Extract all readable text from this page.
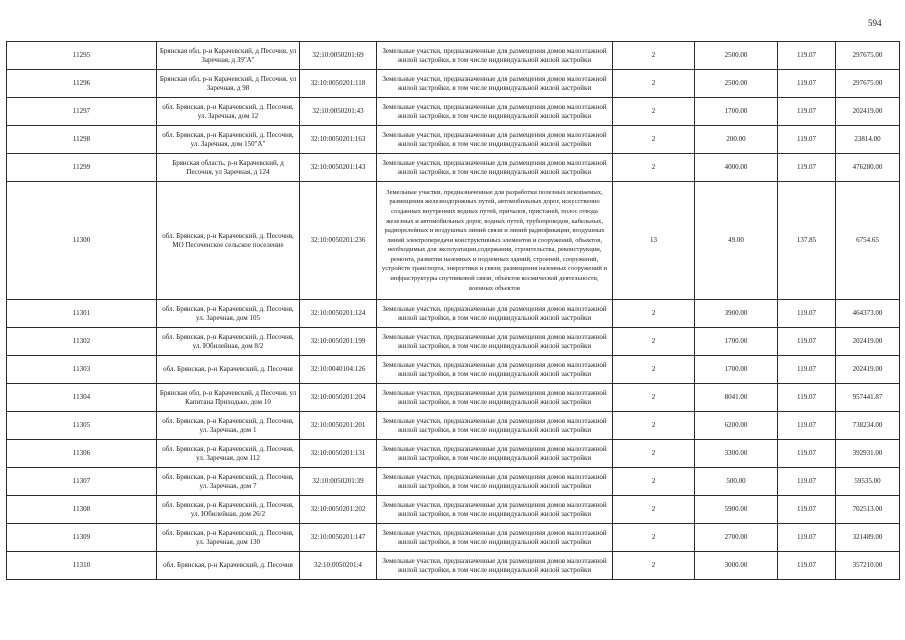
594
11295	Брянская обл, р-н Карачевский, д Песочня, ул Заречная, д 39"А"	32:10:0050201:69	Земельные участки, предназначенные для размещения домов малоэтажной жилой застройки, в том числе индивидуальной жилой застройки	2	2500.00	119.07	297675.00
11296	Брянская обл, р-н Карачевский, д Песочня, ул Заречная, д 98	32:10:0050201:118	Земельные участки, предназначенные для размещения домов малоэтажной жилой застройки, в том числе индивидуальной жилой застройки	2	2500.00	119.07	297675.00
11297	обл. Брянская, р-н Карачевский, д. Песочня, ул. Заречная, дом 12	32:10:0050201:43	Земельные участки, предназначенные для размещения домов малоэтажной жилой застройки, в том числе индивидуальной жилой застройки	2	1700.00	119.07	202419.00
11298	обл. Брянская, р-н Карачевский, д. Песочня, ул. Заречная, дом 150"А"	32:10:0050201:163	Земельные участки, предназначенные для размещения домов малоэтажной жилой застройки, в том числе индивидуальной жилой застройки	2	200.00	119.07	23814.00
11299	Брянская область, р-н Карачевский, д Песочня, ул Заречная, д 124	32:10:0050201:143	Земельные участки, предназначенные для размещения домов малоэтажной жилой застройки, в том числе индивидуальной жилой застройки	2	4000.00	119.07	476280.00
11300	обл. Брянская, р-н Карачевский, д. Песочня, МО Песоченское сельское поселение	32:10:0050201:236	Земельные участки, предназначенные для разработки полезных ископаемых, размещения железнодорожных путей, автомобильных дорог, искусственно созданных внутренних водных путей, причалов, пристаней, полос отвода железных и автомобильных дорог, водных путей, трубопроводов, кабельных, радиорелейных и воздушных линий связи и линий радиофикации, воздушных линий электропередачи конструктивных элементов и сооружений, объектов, необходимых для эксплуатации,содержания, строительства, реконструкции, ремонта, развития наземных и подземных зданий, строений, сооружений, устройств транспорта, энергетики и связи; размещения наземных сооружений и инфраструктуры спутниковой связи, объектов космической деятельности, военных объектов	13	49.00	137.85	6754.65
11301	обл. Брянская, р-н Карачевский, д. Песочня, ул. Заречная, дом 105	32:10:0050201:124	Земельные участки, предназначенные для размещения домов малоэтажной жилой застройки, в том числе индивидуальной жилой застройки	2	3900.00	119.07	464373.00
11302	обл. Брянская, р-н Карачевский, д. Песочня, ул. Юбилейная, дом 8/2	32:10:0050201:199	Земельные участки, предназначенные для размещения домов малоэтажной жилой застройки, в том числе индивидуальной жилой застройки	2	1700.00	119.07	202419.00
11303	обл. Брянская, р-н Карачевский, д. Песочня	32:10:0040104:126	Земельные участки, предназначенные для размещения домов малоэтажной жилой застройки, в том числе индивидуальной жилой застройки	2	1700.00	119.07	202419.00
11304	Брянская обл, р-н Карачевский, д Песочня, ул Капитана Приходько, дом 10	32:10:0050201:204	Земельные участки, предназначенные для размещения домов малоэтажной жилой застройки, в том числе индивидуальной жилой застройки	2	8041.00	119.07	957441.87
11305	обл. Брянская, р-н Карачевский, д. Песочня, ул. Заречная, дом 1	32:10:0050201:201	Земельные участки, предназначенные для размещения домов малоэтажной жилой застройки, в том числе индивидуальной жилой застройки	2	6200.00	119.07	738234.00
11306	обл. Брянская, р-н Карачевский, д. Песочня, ул. Заречная, дом 112	32:10:0050201:131	Земельные участки, предназначенные для размещения домов малоэтажной жилой застройки, в том числе индивидуальной жилой застройки	2	3300.00	119.07	392931.00
11307	обл. Брянская, р-н Карачевский, д. Песочня, ул. Заречная, дом 7	32:10:0050201:39	Земельные участки, предназначенные для размещения домов малоэтажной жилой застройки, в том числе индивидуальной жилой застройки	2	500.00	119.07	59535.00
11308	обл. Брянская, р-н Карачевский, д. Песочня, ул. Юбилейная, дом 26/2	32:10:0050201:202	Земельные участки, предназначенные для размещения домов малоэтажной жилой застройки, в том числе индивидуальной жилой застройки	2	5900.00	119.07	702513.00
11309	обл. Брянская, р-н Карачевский, д. Песочня, ул. Заречная, дом 130	32:10:0050201:147	Земельные участки, предназначенные для размещения домов малоэтажной жилой застройки, в том числе индивидуальной жилой застройки	2	2700.00	119.07	321489.00
11310	обл. Брянская, р-н Карачевский, д. Песочня	32:10:0050201:4	Земельные участки, предназначенные для размещения домов малоэтажной жилой застройки, в том числе индивидуальной жилой застройки	2	3000.00	119.07	357210.00
